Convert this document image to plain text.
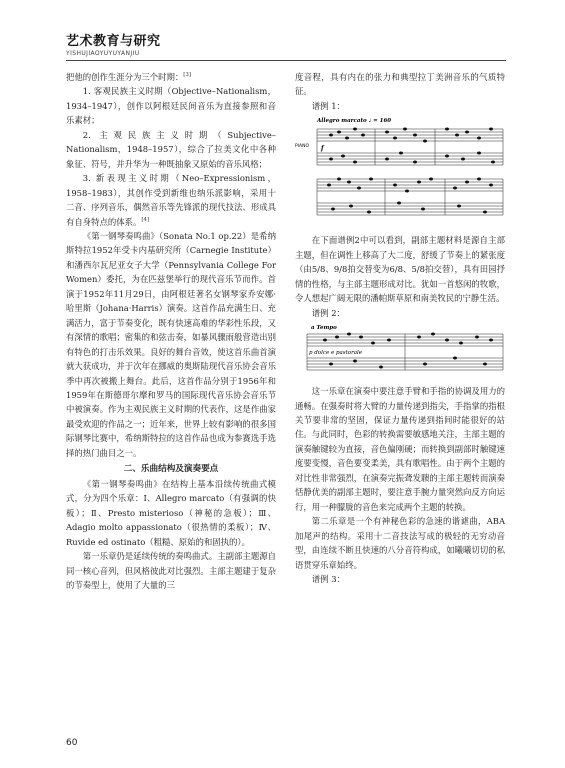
艺术教育与研究
YISHUJIAOYUYUYANJIU

把他的创作生涯分为三个时期：[3]

1. 客观民族主义时期（Objective–Nationalism，1934–1947），创作以阿根廷民间音乐为直接参照和音乐素材；

2. 主观民族主义时期（Subjective–Nationalism，1948–1957），综合了拉美文化中各种象征、符号，并升华为一种既抽象又原始的音乐风格；

3. 新表现主义时期（Neo–Expressionism，1958–1983），其创作受到新维也纳乐派影响，采用十二音、序列音乐，偶然音乐等先锋派的现代技法、形成具有自身特点的体系。[4]

《第一钢琴奏鸣曲》（Sonata No.1 op.22）是希纳斯特拉1952年受卡内基研究所（Carnegie Institute）和潘西尔瓦尼亚女子大学（Pennsylvania College For Women）委托，为在匹兹堡举行的现代音乐节而作。首演于1952年11月29日，由阿根廷著名女钢琴家乔安娜·哈里斯（Johana·Harris）演奏。这首作品充满生日、充满活力，富于节奏变化，既有快速高难的华彩性乐段，又有深情的歌唱；密集的和弦击奏，如暴风骤雨般营造出别有特色的打击乐效果。良好的舞台音效，使这首乐曲首演就大获成功，并于次年在挪威的奥斯陆现代音乐协会音乐季中再次被搬上舞台。此后，这首作品分别于1956年和1959年在斯德哥尔摩和罗马的国际现代音乐协会音乐节中被演奏。作为主观民族主义时期的代表作，这是作曲家最受欢迎的作品之一；近年来，世界上较有影响的很多国际钢琴比赛中，希纳斯特拉的这首作品也成为参赛选手选择的热门曲目之一。

二、乐曲结构及演奏要点

《第一钢琴奏鸣曲》在结构上基本沿续传统曲式模式，分为四个乐章：Ⅰ、Allegro marcato（有强调的快板）；Ⅱ、Presto misterioso（神秘的急板）；Ⅲ、Adagio molto appassionato（很热情的柔板）；Ⅳ、Ruvide ed ostinato（粗糙、原始的和固执的）。

第一乐章仍是延续传统的奏鸣曲式。主副部主题源自同一核心音列，但风格彼此对比强烈。主部主题建于复杂的节奏型上，使用了大量的三

度音程，具有内在的张力和典型拉丁美洲音乐的气质特征。

谱例 1：

Allegro marcato ♩ = 160
PIANO f

在下面谱例2中可以看到，副部主题材料是源自主部主题，但在调性上移高了大二度，舒缓了节奏上的紧张度（由5/8、9/8拍交替变为6/8、5/8拍交替），具有田园抒情的性格，与主部主题形成对比。犹如一首悠闲的牧歌，令人想起广阔无限的潘帕斯草原和南美牧民的宁静生活。

谱例 2：

a Tempo
p dolce e pastorale

这一乐章在演奏中要注意手臂和手指的协调及用力的通畅。在强奏时将大臂的力量传递到指尖，手指掌的指根关节要非常的坚固，保证力量传递到指间时能很好的站住。与此同时，色彩的转换需要敏感地关注，主部主题的演奏触键较为直接，音色偏刚硬；而转换到副部时触键速度要变慢，音色要变柔美，具有歌唱性。由于两个主题的对比性非常强烈，在演奏完振聋发聩的主部主题转而演奏恬静优美的副部主题时，要注意手腕力量突然向反方向运行，用一种朦胧的音色来完成两个主题的转换。

第二乐章是一个有神秘色彩的急速的谐谑曲，ABA加尾声的结构。采用十二音技法写成的极轻的无穷动音型，由连续不断且快速的八分音符构成，如曦曦切切的私语贯穿乐章始终。

谱例 3：

60
